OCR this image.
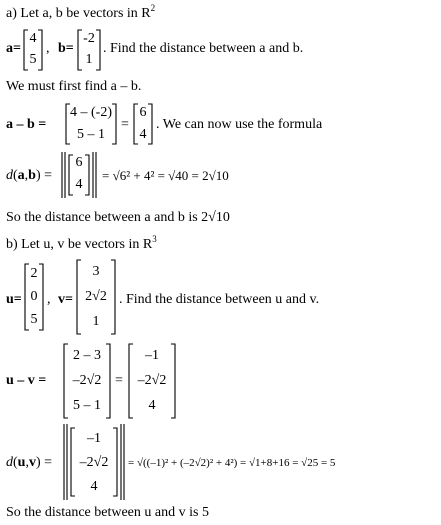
a) Let a, b be vectors in $R^2$
a=
4
5
, b=
-2
1
. Find the distance between a and b.
We must first find a – b.
a – b =
4 – (-2)
5 – 1
=
6
4
. We can now use the formula
d(a,b) =
6
4
= √6² + 4² = √40 = 2√10
So the distance between a and b is 2√10
b) Let u, v be vectors in $R^3$
u=
2
0
5
, v=
3
2√2
1
. Find the distance between u and v.
u – v =
2 – 3
–2√2
5 – 1
=
–1
–2√2
4
d(u,v) =
–1
–2√2
4
= √((–1)² + (–2√2)² + 4²) = √1+8+16 = √25 = 5
So the distance between u and v is 5
